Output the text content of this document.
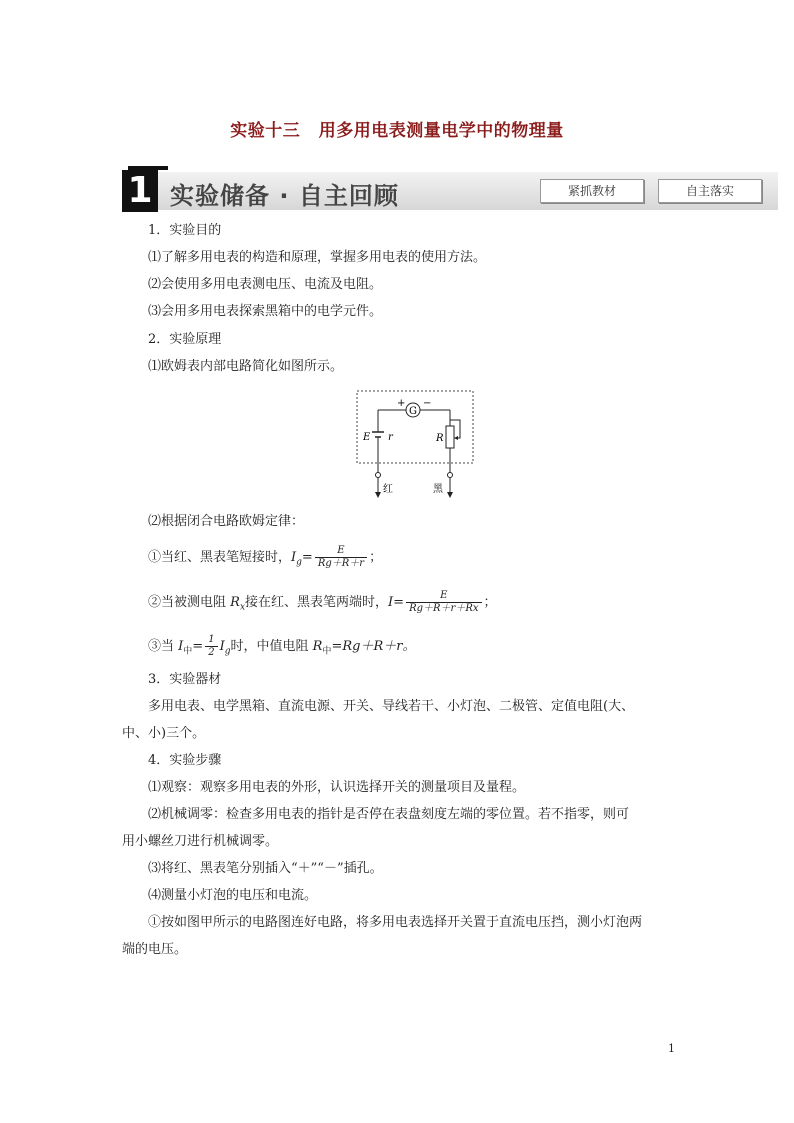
实验十三 用多用电表测量电学中的物理量
1 实验储备 · 自主回顾	紧抓教材	自主落实
1．实验目的
⑴了解多用电表的构造和原理，掌握多用电表的使用方法。
⑵会使用多用电表测电压、电流及电阻。
⑶会用多用电表探索黑箱中的电学元件。
2．实验原理
⑴欧姆表内部电路简化如图所示。
G
+ −
E r	R
红	黑
⑵根据闭合电路欧姆定律：
①当红、黑表笔短接时，$I_g= \frac{E}{Rg+R+r}$ ；
②当被测电阻 $R_x$接在红、黑表笔两端时，$I= \frac{E}{Rg+R+r+Rx}$ ；
③当 $I_中= \frac{1}{2} I_g$时，中值电阻 $R_中=Rg+R+r$。
3．实验器材
多用电表、电学黑箱、直流电源、开关、导线若干、小灯泡、二极管、定值电阻(大、
中、小)三个。
4．实验步骤
⑴观察：观察多用电表的外形，认识选择开关的测量项目及量程。
⑵机械调零：检查多用电表的指针是否停在表盘刻度左端的零位置。若不指零，则可
用小螺丝刀进行机械调零。
⑶将红、黑表笔分别插入“＋”“－”插孔。
⑷测量小灯泡的电压和电流。
①按如图甲所示的电路图连好电路，将多用电表选择开关置于直流电压挡，测小灯泡两
端的电压。
1
